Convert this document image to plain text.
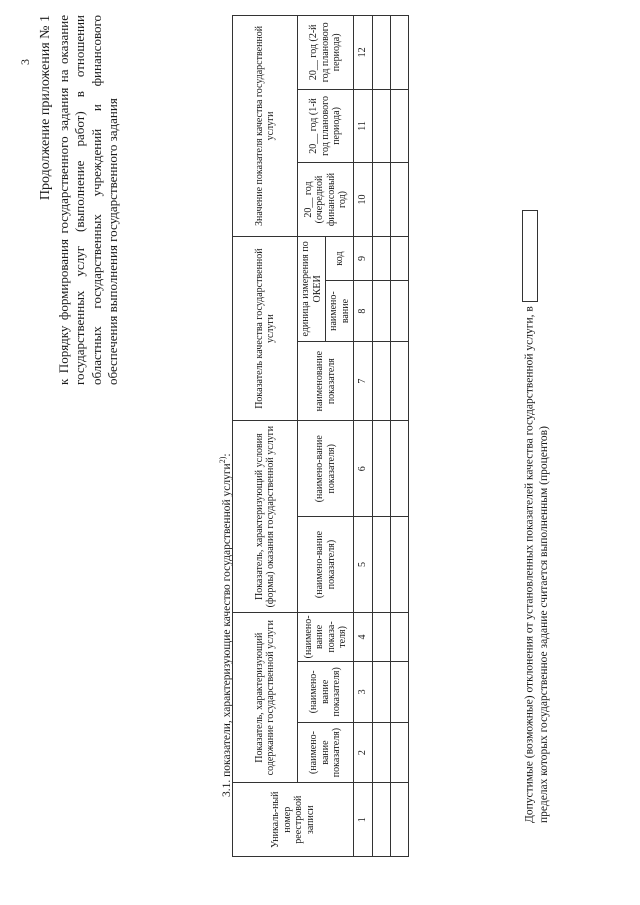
3 Продолжение приложения № 1 к Порядку формирования государственного задания на оказание государственных услуг (выполнение работ) в отношении областных государственных учреждений и финансового обеспечения выполнения государственного задания
3.1. показатели, характеризующие качество государственной услуги$^{2)}$:
Уникаль-ный номер реестровой записи	Показатель, характеризующий содержание государственной услуги			Показатель, характеризующий условия (формы) оказания государственной услуги		Показатель качества государственной услуги			Значение показателя качества государственной услуги		
	(наимено-вание показателя)	(наимено-вание показателя)	(наимено-вание показа-теля)	(наимено-вание показателя)	(наимено-вание показателя)	наименование показателя	единица измерения по ОКЕИ		20__ год (очередной финансовый год)	20__ год (1-й год планового периода)	20__ год (2-й год планового периода)
							наимено-вание	код			
1	2	3	4	5	6	7	8	9	10	11	12

Допустимые (возможные) отклонения от установленных показателей качества государственной услуги, в пределах которых государственное задание считается выполненным (процентов)
